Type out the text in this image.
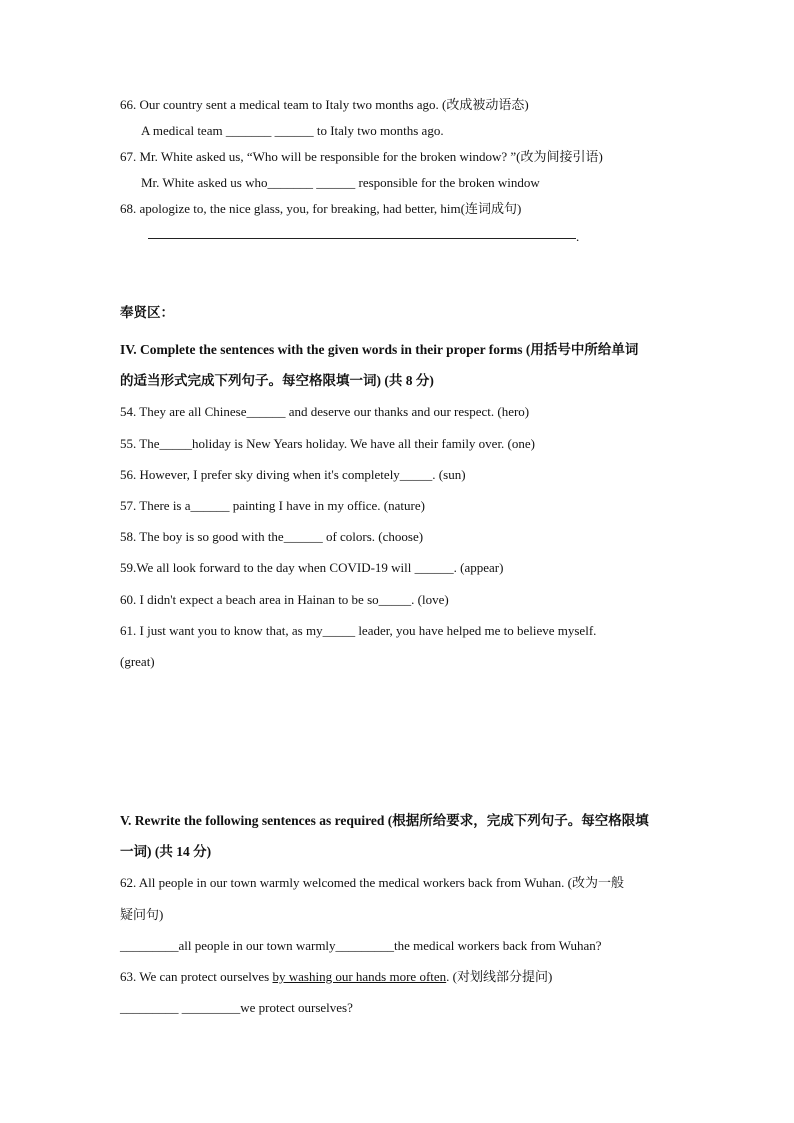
66. Our country sent a medical team to Italy two months ago. (改成被动语态)
A medical team _______ ______ to Italy two months ago.
67. Mr. White asked us, “Who will be responsible for the broken window? ”(改为间接引语)
Mr. White asked us who_______ ______ responsible for the broken window
68. apologize to, the nice glass, you, for breaking, had better, him(连词成句)
.
奉贤区：
IV. Complete the sentences with the given words in their proper forms (用括号中所给单词
的适当形式完成下列句子。每空格限填一词) (共 8 分)
54. They are all Chinese______ and deserve our thanks and our respect. (hero)
55. The_____holiday is New Years holiday. We have all their family over. (one)
56. However, I prefer sky diving when it's completely_____. (sun)
57. There is a______ painting I have in my office. (nature)
58. The boy is so good with the______ of colors. (choose)
59.We all look forward to the day when COVID-19 will ______. (appear)
60. I didn't expect a beach area in Hainan to be so_____. (love)
61. I just want you to know that, as my_____ leader, you have helped me to believe myself.
(great)
V. Rewrite the following sentences as required (根据所给要求，完成下列句子。每空格限填
一词) (共 14 分)
62. All people in our town warmly welcomed the medical workers back from Wuhan. (改为一般
疑问句)
_________all people in our town warmly_________the medical workers back from Wuhan?
63. We can protect ourselves by washing our hands more often. (对划线部分提问)
_________ _________we protect ourselves?
